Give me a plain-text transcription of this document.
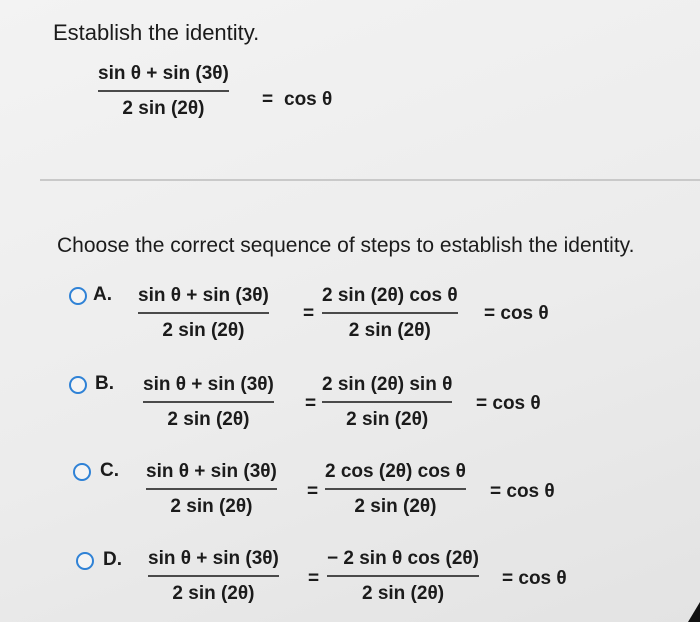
Establish the identity.
sin θ + sin (3θ)
2 sin (2θ)	= cos θ
Choose the correct sequence of steps to establish the identity.
A. sin θ + sin (3θ)
2 sin (2θ)
=
2 sin (2θ) cos θ
2 sin (2θ)
= cos θ
B. sin θ + sin (3θ)
2 sin (2θ)
=
2 sin (2θ) sin θ
2 sin (2θ)
= cos θ
C. sin θ + sin (3θ)
2 sin (2θ)
=
2 cos (2θ) cos θ
2 sin (2θ)
= cos θ
D. sin θ + sin (3θ)
2 sin (2θ)
=
− 2 sin θ cos (2θ)
2 sin (2θ)
= cos θ
